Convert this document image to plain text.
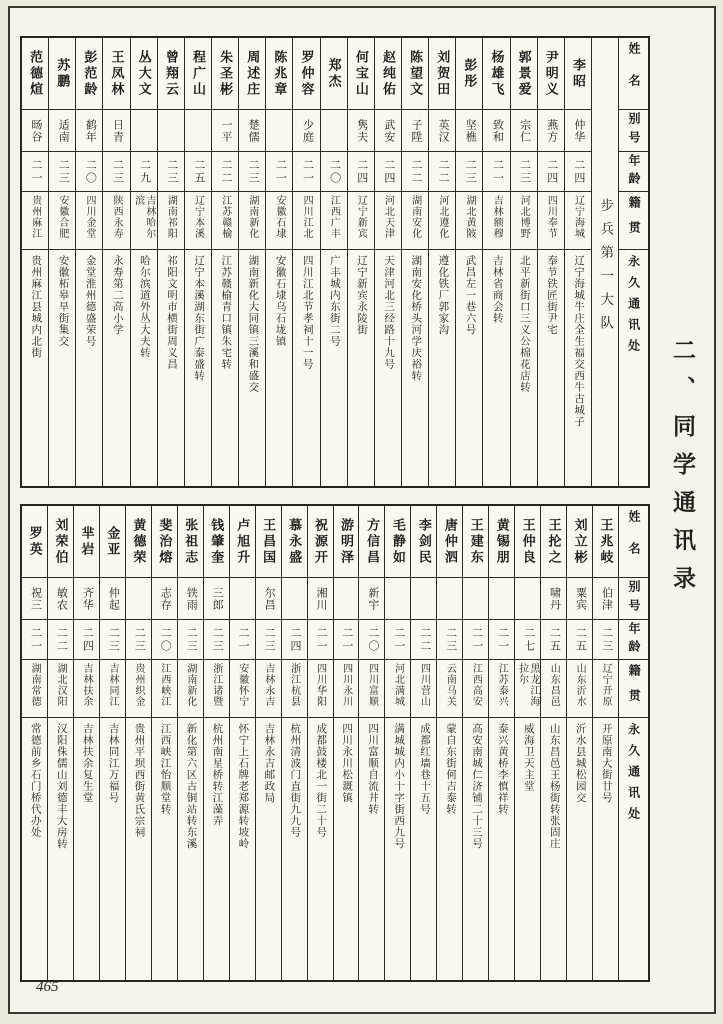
姓名
别号
年龄
籍贯
永久通讯处
步兵第一大队
李昭
仲华
二四
辽宁海城
辽宁海城牛庄全生福交西牛古城子
尹明义
燕方
二四
四川奉节
奉节铁匠街尹宅
郭景爱
宗仁
二三
河北博野
北平新街口三义公棉花店转
杨雄飞
致和
二一
吉林额穆
吉林省商会转
彭彤
坚樵
二三
湖北黄陂
武昌左一巷六号
刘贺田
英汉
二二
河北遵化
遵化铁厂郭家沟
陈望文
子陞
二二
湖南安化
湖南安化桥头河学庆裕转
赵纯佑
武安
二四
河北天津
天津河北三经路十九号
何宝山
隽夫
二四
辽宁新宾
辽宁新宾永陵街
郑杰
二〇
江西广丰
广丰城内东街二号
罗仲容
少庭
二一
四川江北
四川江北节孝祠十一号
陈兆章
二一
安徽石埭
安徽石埭乌石垅镇
周述庄
楚儒
二三
湖南新化
湖南新化大同镇三溪和盛交
朱圣彬
一平
二二
江苏赣榆
江苏赣榆青口镇朱宅转
程广山
二五
辽宁本溪
辽宁本溪湖东街广泰盛转
曾翔云
二三
湖南祁阳
祁阳文明市横街周义昌
丛大文
二九
吉林哈尔滨
哈尔滨道外丛大夫转
王凤林
日青
二三
陕西永寿
永寿第二高小学
彭范龄
鹤年
二〇
四川金堂
金堂淮州德盛荣号
苏鹏
适南
二三
安徽合肥
安徽柘皋旱街集交
范德煊
旸谷
二一
贵州麻江
贵州麻江县城内北街
姓名
别号
年龄
籍贯
永久通讯处
王兆岐
伯津
二三
辽宁开原
开原南大街廿号
刘立彬
粟宾
二五
山东沂水
沂水县城松园交
王抡之
啸丹
二五
山东昌邑
山东昌邑王杨街转张固庄
王仲良
二七
黑龙江海拉尔
威海卫天主堂
黄锡朋
二一
江苏泰兴
泰兴黄桥李慎祥转
王建东
二一
江西高安
高安南城仁济铺二十三号
唐仲泗
二三
云南马关
蒙自东街何吉泰转
李剑民
二二
四川营山
成都红墙巷十五号
毛静如
二一
河北满城
满城城内小十字街西九号
方信昌
新宇
二〇
四川富顺
四川富顺自流井转
游明泽
二一
四川永川
四川永川松溉镇
祝源开
湘川
二一
四川华阳
成都鼓楼北一街二十号
慕永盛
二四
浙江杭县
杭州清波门直街九九号
王昌国
尔昌
二三
吉林永吉
吉林永吉邮政局
卢旭升
二一
安徽怀宁
怀宁上石牌老郑源转坡岭
钱肇奎
三郎
二三
浙江诸暨
杭州南星桥转江藻弄
张祖志
铁雨
二三
湖南新化
新化第六区古铜站转东溪
斐治熔
志存
二〇
江西峡江
江西峡江怡顺堂转
黄德荣
二三
贵州织金
贵州平坝西街黄氏宗祠
金亚
仲起
二三
吉林同江
吉林同江万福号
芈岩
齐华
二四
吉林扶余
吉林扶余复生堂
刘荣伯
敏农
二二
湖北汉阳
汉阳侏儒山刘德丰大房转
罗英
祝三
二一
湖南常德
常德前乡石门桥代办处
二、同学通讯录
465
